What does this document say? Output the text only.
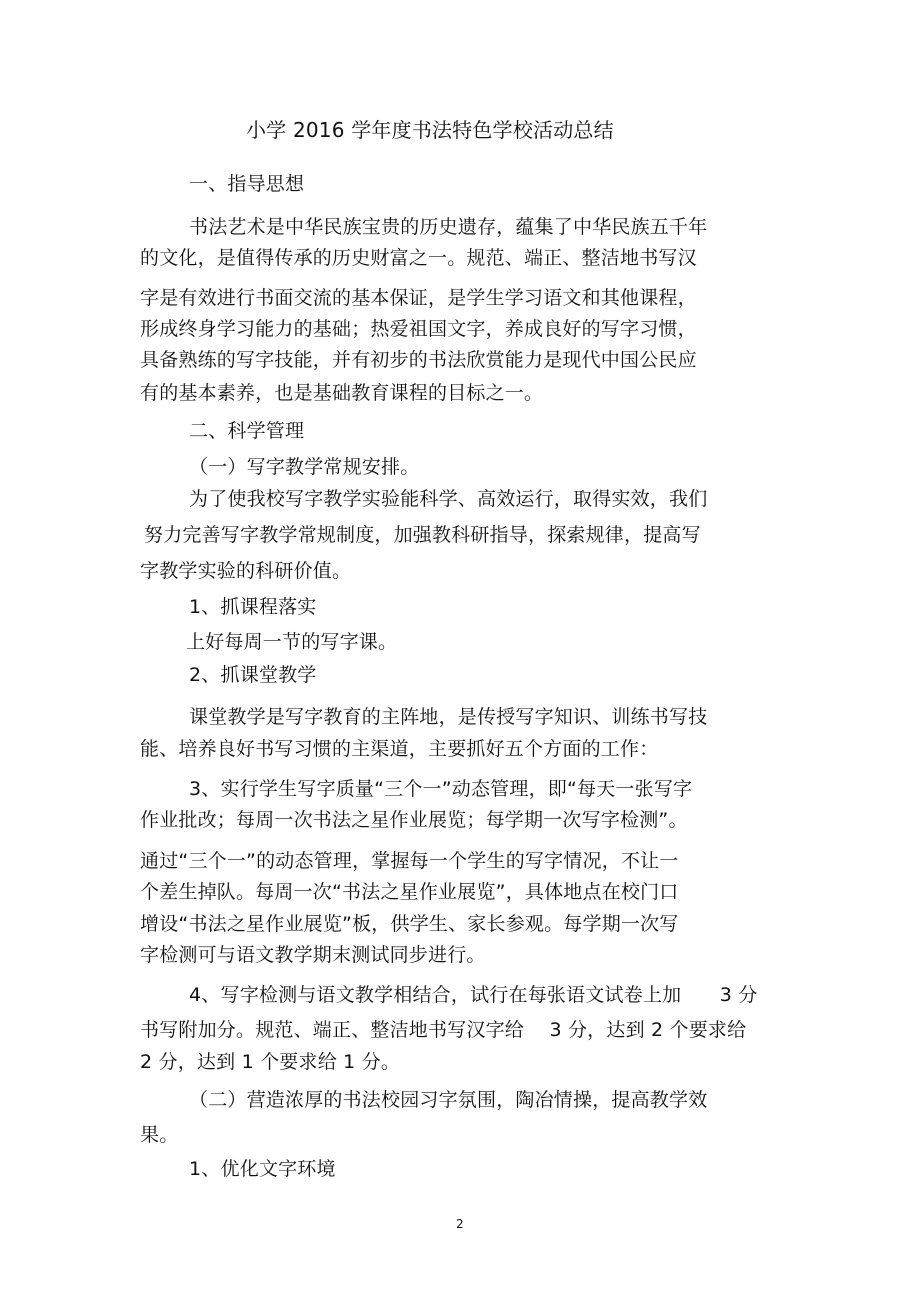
小学 2016 学年度书法特色学校活动总结
一、指导思想
书法艺术是中华民族宝贵的历史遗存，蕴集了中华民族五千年
的文化，是值得传承的历史财富之一。规范、端正、整洁地书写汉
字是有效进行书面交流的基本保证，是学生学习语文和其他课程，
形成终身学习能力的基础；热爱祖国文字，养成良好的写字习惯，
具备熟练的写字技能，并有初步的书法欣赏能力是现代中国公民应
有的基本素养，也是基础教育课程的目标之一。
二、科学管理
（一）写字教学常规安排。
为了使我校写字教学实验能科学、高效运行，取得实效，我们
努力完善写字教学常规制度，加强教科研指导，探索规律，提高写
字教学实验的科研价值。
1、抓课程落实
上好每周一节的写字课。
2、抓课堂教学
课堂教学是写字教育的主阵地，是传授写字知识、训练书写技
能、培养良好书写习惯的主渠道，主要抓好五个方面的工作：
3、实行学生写字质量“三个一”动态管理，即“每天一张写字
作业批改；每周一次书法之星作业展览；每学期一次写字检测”。
通过“三个一”的动态管理，掌握每一个学生的写字情况，不让一
个差生掉队。每周一次“书法之星作业展览”，具体地点在校门口
增设“书法之星作业展览”板，供学生、家长参观。每学期一次写
字检测可与语文教学期末测试同步进行。
4、写字检测与语文教学相结合，试行在每张语文试卷上加　　3 分
书写附加分。规范、端正、整洁地书写汉字给　 3 分，达到 2 个要求给
2 分，达到 1 个要求给 1 分。
（二）营造浓厚的书法校园习字氛围，陶冶情操，提高教学效
果。
1、优化文字环境
2
